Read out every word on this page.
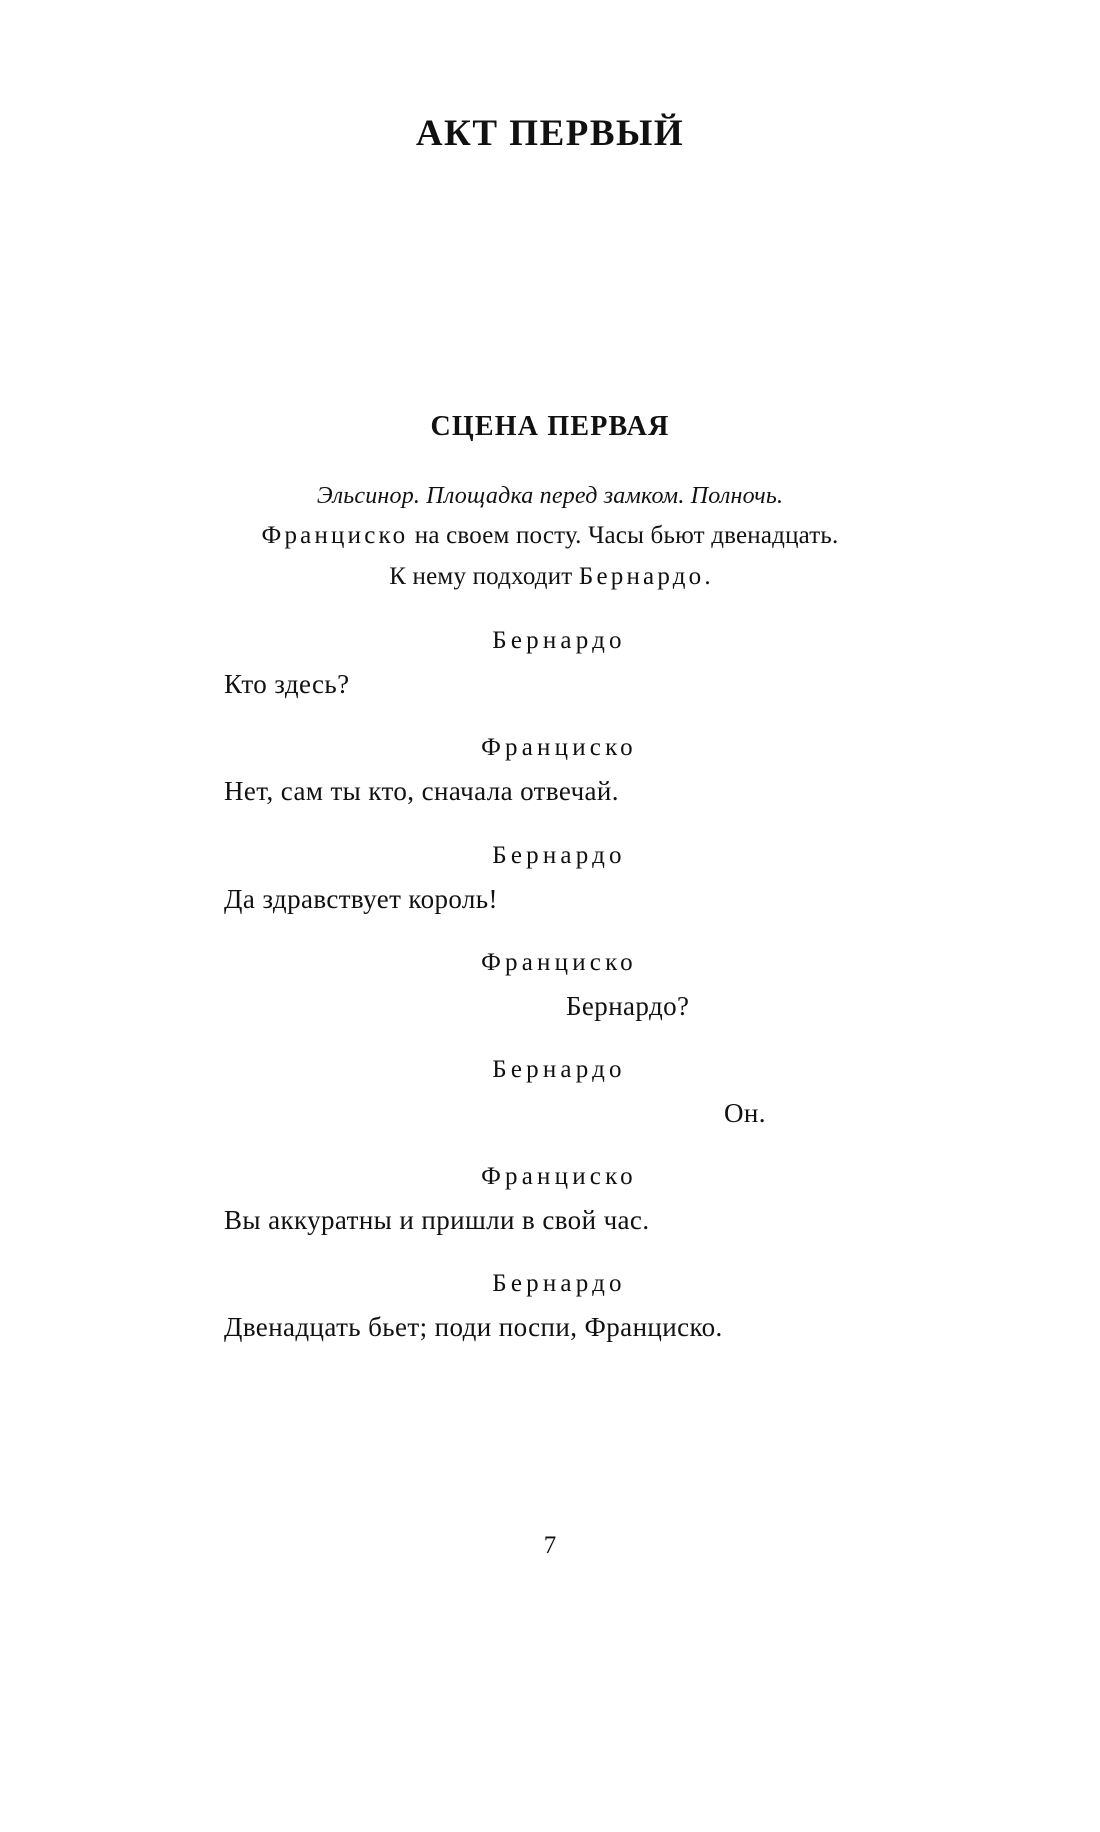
АКТ ПЕРВЫЙ
СЦЕНА ПЕРВАЯ
Эльсинор. Площадка перед замком. Полночь.
Франциско на своем посту. Часы бьют двенадцать.
К нему подходит Бернардо.
Бернардо

Кто здесь?

Франциско

Нет, сам ты кто, сначала отвечай.

Бернардо

Да здравствует король!

Франциско

Бернардо?

Бернардо

Он.

Франциско

Вы аккуратны и пришли в свой час.

Бернардо

Двенадцать бьет; поди поспи, Франциско.

7
